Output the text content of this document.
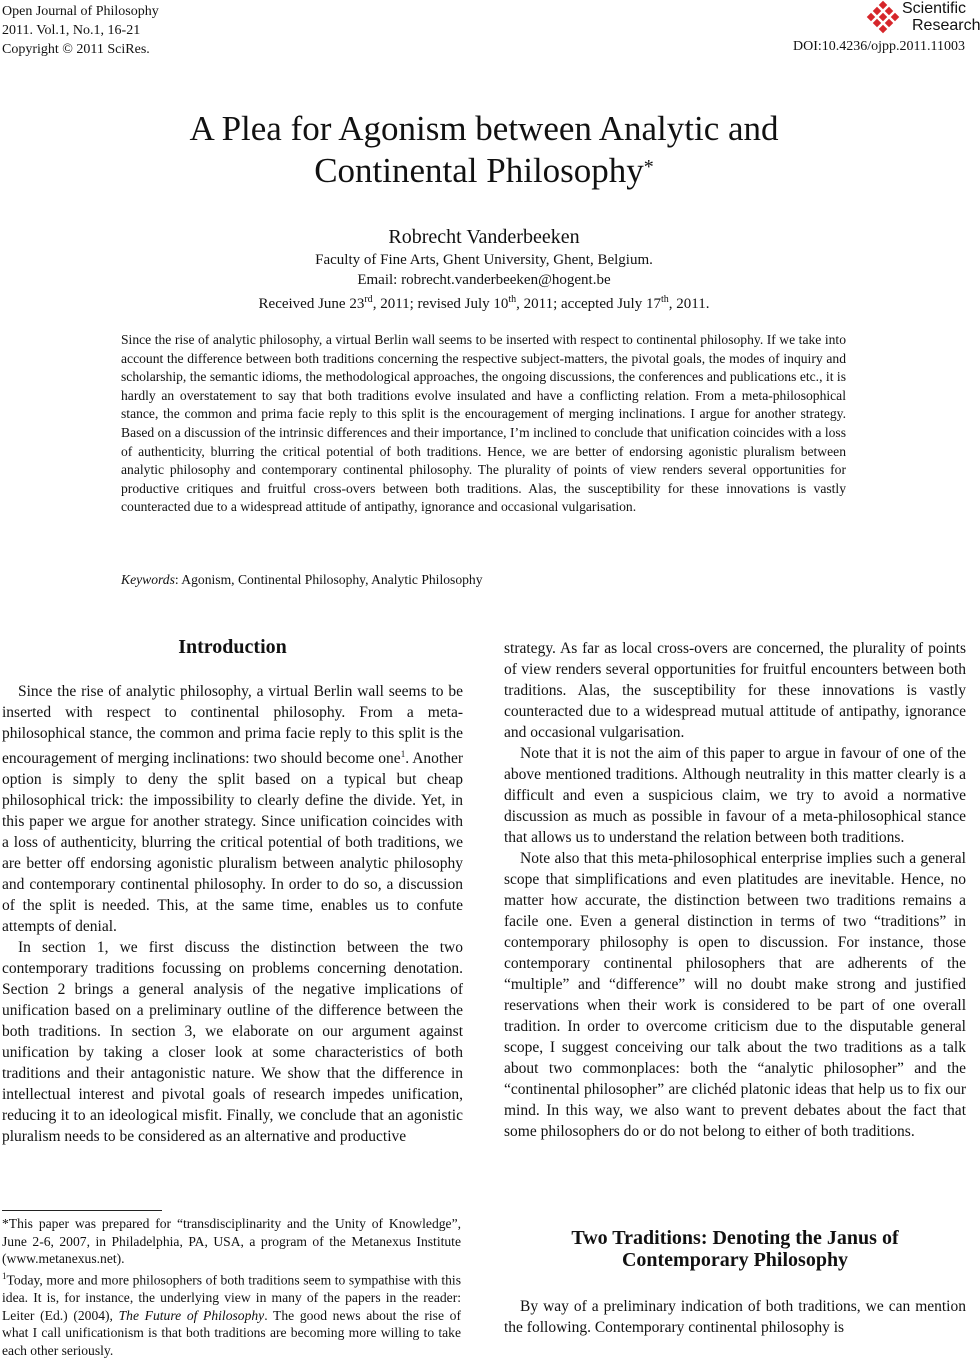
Open Journal of Philosophy
2011. Vol.1, No.1, 16-21
Copyright © 2011 SciRes.
Scientific
Research
DOI:10.4236/ojpp.2011.11003
A Plea for Agonism between Analytic and
Continental Philosophy*
Robrecht Vanderbeeken
Faculty of Fine Arts, Ghent University, Ghent, Belgium.
Email: robrecht.vanderbeeken@hogent.be
Received June 23rd, 2011; revised July 10th, 2011; accepted July 17th, 2011.
Since the rise of analytic philosophy, a virtual Berlin wall seems to be inserted with respect to continental philosophy. If we take into account the difference between both traditions concerning the respective subject-matters, the pivotal goals, the modes of inquiry and scholarship, the semantic idioms, the methodological approaches, the ongoing discussions, the conferences and publications etc., it is hardly an overstatement to say that both traditions evolve insulated and have a conflicting relation. From a meta-philosophical stance, the common and prima facie reply to this split is the encouragement of merging inclinations. I argue for another strategy. Based on a discussion of the intrinsic differences and their importance, I’m inclined to conclude that unification coincides with a loss of authenticity, blurring the critical potential of both traditions. Hence, we are better of endorsing agonistic pluralism between analytic philosophy and contemporary continental philosophy. The plurality of points of view renders several opportunities for productive critiques and fruitful cross-overs between both traditions. Alas, the susceptibility for these innovations is vastly counteracted due to a widespread attitude of antipathy, ignorance and occasional vulgarisation.
Keywords: Agonism, Continental Philosophy, Analytic Philosophy
Introduction

Since the rise of analytic philosophy, a virtual Berlin wall seems to be inserted with respect to continental philosophy. From a meta-philosophical stance, the common and prima facie reply to this split is the encouragement of merging inclinations: two should become one$^1$. Another option is simply to deny the split based on a typical but cheap philosophical trick: the impossibility to clearly define the divide. Yet, in this paper we argue for another strategy. Since unification coincides with a loss of authenticity, blurring the critical potential of both traditions, we are better off endorsing agonistic pluralism between analytic philosophy and contemporary continental philosophy. In order to do so, a discussion of the split is needed. This, at the same time, enables us to confute attempts of denial.

In section 1, we first discuss the distinction between the two contemporary traditions focussing on problems concerning denotation. Section 2 brings a general analysis of the negative implications of unification based on a preliminary outline of the difference between the both traditions. In section 3, we elaborate on our argument against unification by taking a closer look at some characteristics of both traditions and their antagonistic nature. We show that the difference in intellectual interest and pivotal goals of research impedes unification, reducing it to an ideological misfit. Finally, we conclude that an agonistic pluralism needs to be considered as an alternative and productive

*This paper was prepared for “transdisciplinarity and the Unity of Knowledge”, June 2-6, 2007, in Philadelphia, PA, USA, a program of the Metanexus Institute (www.metanexus.net).

$^1$Today, more and more philosophers of both traditions seem to sympathise with this idea. It is, for instance, the underlying view in many of the papers in the reader: Leiter (Ed.) (2004), The Future of Philosophy. The good news about the rise of what I call unificationism is that both traditions are becoming more willing to take each other seriously.

strategy. As far as local cross-overs are concerned, the plurality of points of view renders several opportunities for fruitful encounters between both traditions. Alas, the susceptibility for these innovations is vastly counteracted due to a widespread mutual attitude of antipathy, ignorance and occasional vulgarisation.

Note that it is not the aim of this paper to argue in favour of one of the above mentioned traditions. Although neutrality in this matter clearly is a difficult and even a suspicious claim, we try to avoid a normative discussion as much as possible in favour of a meta-philosophical stance that allows us to understand the relation between both traditions.

Note also that this meta-philosophical enterprise implies such a general scope that simplifications and even platitudes are inevitable. Hence, no matter how accurate, the distinction between two traditions remains a facile one. Even a general distinction in terms of two “traditions” in contemporary philosophy is open to discussion. For instance, those contemporary continental philosophers that are adherents of the “multiple” and “difference” will no doubt make strong and justified reservations when their work is considered to be part of one overall tradition. In order to overcome criticism due to the disputable general scope, I suggest conceiving our talk about the two traditions as a talk about two commonplaces: both the “analytic philosopher” and the “continental philosopher” are clichéd platonic ideas that help us to fix our mind. In this way, we also want to prevent debates about the fact that some philosophers do or do not belong to either of both traditions.

Two Traditions: Denoting the Janus of
Contemporary Philosophy

By way of a preliminary indication of both traditions, we can mention the following. Contemporary continental philosophy is
